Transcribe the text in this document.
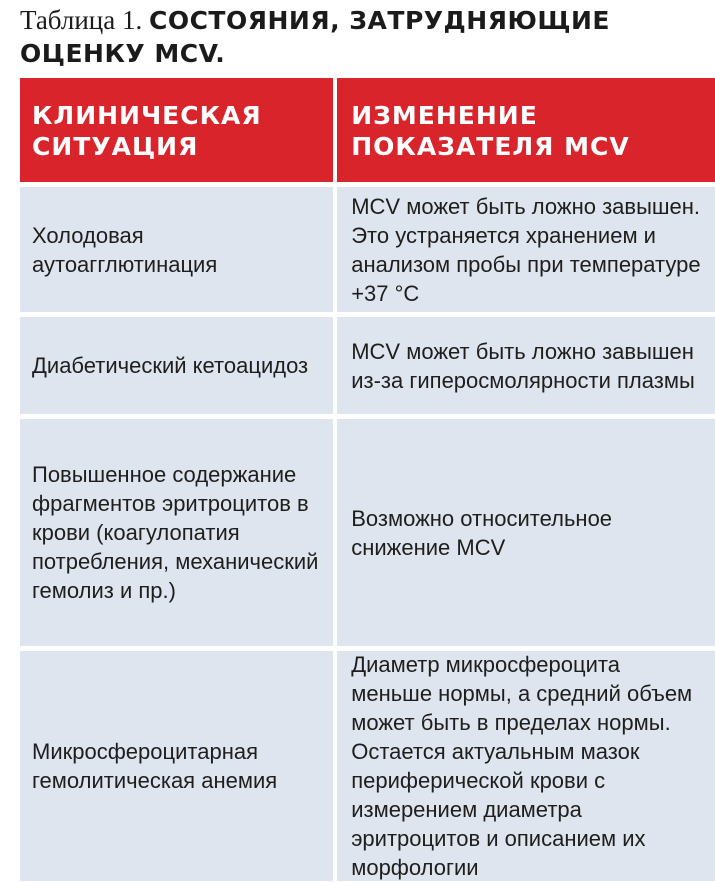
Таблица 1. СОСТОЯНИЯ, ЗАТРУДНЯЮЩИЕ ОЦЕНКУ MCV.
КЛИНИЧЕСКАЯ СИТУАЦИЯ
ИЗМЕНЕНИЕ ПОКАЗАТЕЛЯ MCV
Холодовая аутоагглютинация
MCV может быть ложно завышен. Это устраняется хранением и анализом пробы при температуре +37 °C
Диабетический кетоацидоз
MCV может быть ложно завышен из-за гиперосмолярности плазмы
Повышенное содержание фрагментов эритроцитов в крови (коагулопатия потребления, механический гемолиз и пр.)
Возможно относительное снижение MCV
Микросфероцитарная гемолитическая анемия
Диаметр микросфероцита меньше нормы, а средний объем может быть в пределах нормы. Остается актуальным мазок периферической крови с измерением диаметра эритроцитов и описанием их морфологии
